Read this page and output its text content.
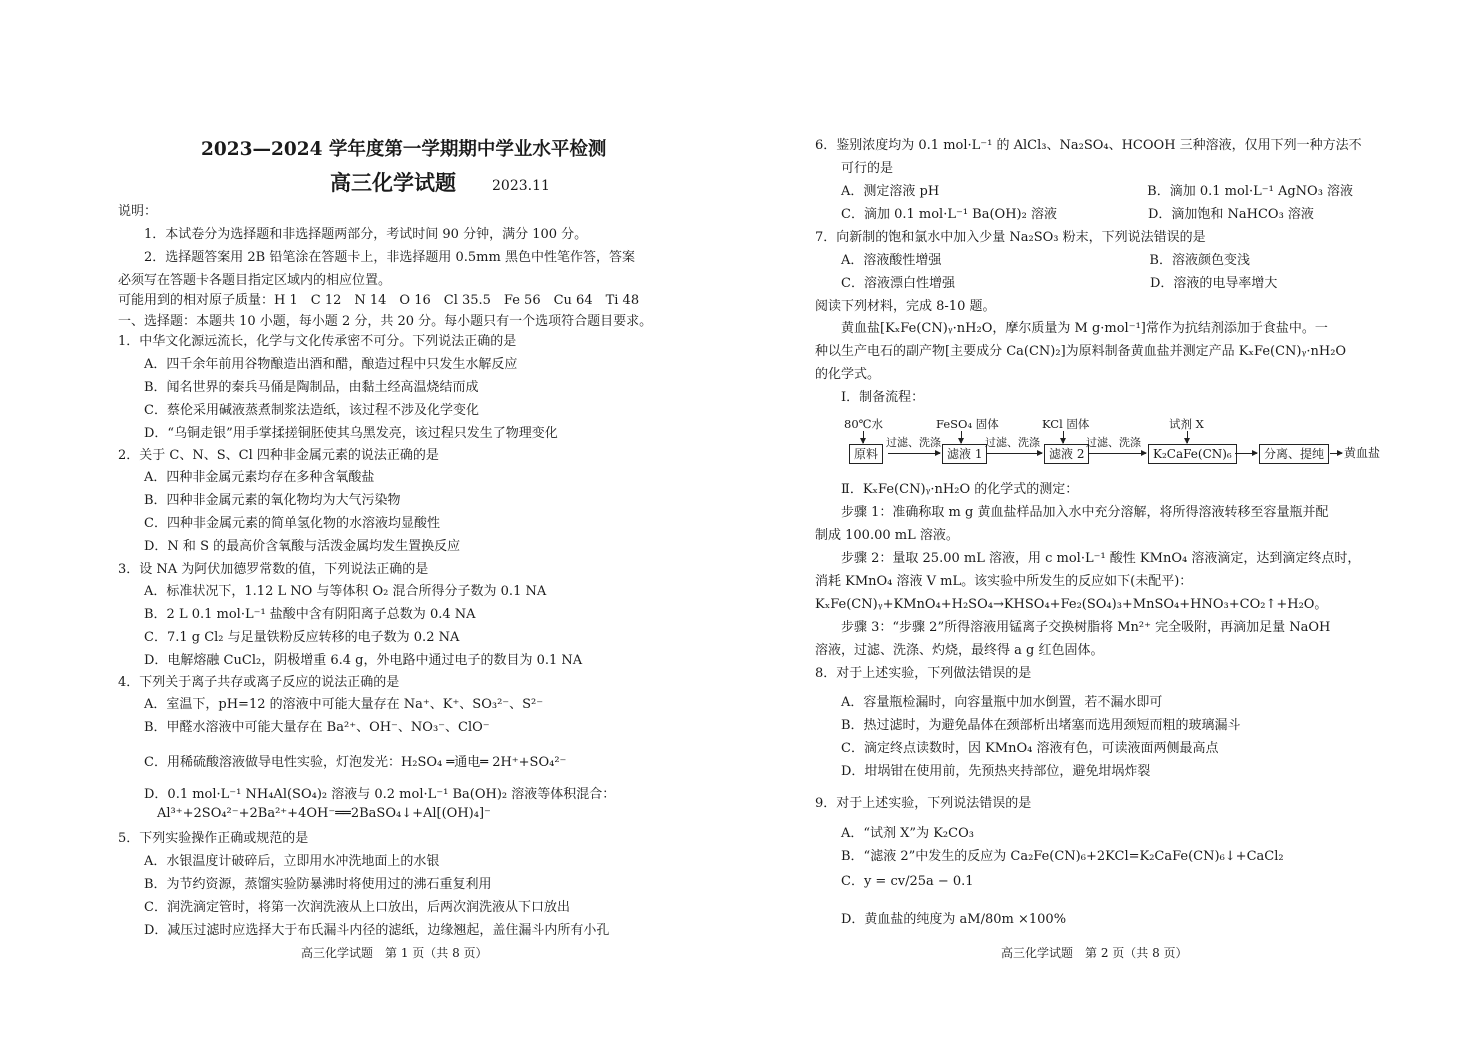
2023—2024 学年度第一学期期中学业水平检测
高三化学试题	2023.11
说明：
　　1．本试卷分为选择题和非选择题两部分，考试时间 90 分钟，满分 100 分。
　　2．选择题答案用 2B 铅笔涂在答题卡上，非选择题用 0.5mm 黑色中性笔作答，答案
必须写在答题卡各题目指定区域内的相应位置。
可能用到的相对原子质量：H 1　C 12　N 14　O 16　Cl 35.5　Fe 56　Cu 64　Ti 48
一、选择题：本题共 10 小题，每小题 2 分，共 20 分。每小题只有一个选项符合题目要求。
1．中华文化源远流长，化学与文化传承密不可分。下列说法正确的是
　　A．四千余年前用谷物酿造出酒和醋，酿造过程中只发生水解反应
　　B．闻名世界的秦兵马俑是陶制品，由黏土经高温烧结而成
　　C．蔡伦采用碱液蒸煮制浆法造纸，该过程不涉及化学变化
　　D．“乌铜走银”用手掌揉搓铜胚使其乌黑发亮，该过程只发生了物理变化
2．关于 C、N、S、Cl 四种非金属元素的说法正确的是
　　A．四种非金属元素均存在多种含氧酸盐
　　B．四种非金属元素的氧化物均为大气污染物
　　C．四种非金属元素的简单氢化物的水溶液均显酸性
　　D．N 和 S 的最高价含氧酸与活泼金属均发生置换反应
3．设 NA 为阿伏加德罗常数的值，下列说法正确的是
　　A．标准状况下，1.12 L NO 与等体积 O₂ 混合所得分子数为 0.1 NA
　　B．2 L 0.1 mol·L⁻¹ 盐酸中含有阴阳离子总数为 0.4 NA
　　C．7.1 g Cl₂ 与足量铁粉反应转移的电子数为 0.2 NA
　　D．电解熔融 CuCl₂，阴极增重 6.4 g，外电路中通过电子的数目为 0.1 NA
4．下列关于离子共存或离子反应的说法正确的是
　　A．室温下，pH=12 的溶液中可能大量存在 Na⁺、K⁺、SO₃²⁻、S²⁻
　　B．甲醛水溶液中可能大量存在 Ba²⁺、OH⁻、NO₃⁻、ClO⁻
　　C．用稀硫酸溶液做导电性实验，灯泡发光：H₂SO₄ ═通电═ 2H⁺+SO₄²⁻
　　D．0.1 mol·L⁻¹ NH₄Al(SO₄)₂ 溶液与 0.2 mol·L⁻¹ Ba(OH)₂ 溶液等体积混合：
　　　Al³⁺+2SO₄²⁻+2Ba²⁺+4OH⁻══2BaSO₄↓+Al[(OH)₄]⁻
5．下列实验操作正确或规范的是
　　A．水银温度计破碎后，立即用水冲洗地面上的水银
　　B．为节约资源，蒸馏实验防暴沸时将使用过的沸石重复利用
　　C．润洗滴定管时，将第一次润洗液从上口放出，后两次润洗液从下口放出
　　D．减压过滤时应选择大于布氏漏斗内径的滤纸，边缘翘起，盖住漏斗内所有小孔
高三化学试题　第 1 页（共 8 页）
6．鉴别浓度均为 0.1 mol·L⁻¹ 的 AlCl₃、Na₂SO₄、HCOOH 三种溶液，仅用下列一种方法不
　　可行的是
　　A．测定溶液 pH　　　　　　　　　　　　　　　　B．滴加 0.1 mol·L⁻¹ AgNO₃ 溶液
　　C．滴加 0.1 mol·L⁻¹ Ba(OH)₂ 溶液　　　　　　　D．滴加饱和 NaHCO₃ 溶液
7．向新制的饱和氯水中加入少量 Na₂SO₃ 粉末，下列说法错误的是
　　A．溶液酸性增强　　　　　　　　　　　　　　　　B．溶液颜色变浅
　　C．溶液漂白性增强　　　　　　　　　　　　　　　D．溶液的电导率增大
阅读下列材料，完成 8-10 题。
　　黄血盐[KₓFe(CN)ᵧ·nH₂O，摩尔质量为 M g·mol⁻¹]常作为抗结剂添加于食盐中。一
种以生产电石的副产物[主要成分 Ca(CN)₂]为原料制备黄血盐并测定产品 KₓFe(CN)ᵧ·nH₂O
的化学式。
　　Ⅰ．制备流程：
80℃水	FeSO₄ 固体	KCl 固体	试剂 X
原料
过滤、洗涤
滤液 1
过滤、洗涤
滤液 2
过滤、洗涤
K₂CaFe(CN)₆	分离、提纯	黄血盐
　　Ⅱ．KₓFe(CN)ᵧ·nH₂O 的化学式的测定：
　　步骤 1：准确称取 m g 黄血盐样品加入水中充分溶解，将所得溶液转移至容量瓶并配
制成 100.00 mL 溶液。
　　步骤 2：量取 25.00 mL 溶液，用 c mol·L⁻¹ 酸性 KMnO₄ 溶液滴定，达到滴定终点时，
消耗 KMnO₄ 溶液 V mL。该实验中所发生的反应如下(未配平)：
KₓFe(CN)ᵧ+KMnO₄+H₂SO₄→KHSO₄+Fe₂(SO₄)₃+MnSO₄+HNO₃+CO₂↑+H₂O。
　　步骤 3：“步骤 2”所得溶液用锰离子交换树脂将 Mn²⁺ 完全吸附，再滴加足量 NaOH
溶液，过滤、洗涤、灼烧，最终得 a g 红色固体。
8．对于上述实验，下列做法错误的是
　　A．容量瓶检漏时，向容量瓶中加水倒置，若不漏水即可
　　B．热过滤时，为避免晶体在颈部析出堵塞而选用颈短而粗的玻璃漏斗
　　C．滴定终点读数时，因 KMnO₄ 溶液有色，可读液面两侧最高点
　　D．坩埚钳在使用前，先预热夹持部位，避免坩埚炸裂
9．对于上述实验，下列说法错误的是
　　A．“试剂 X”为 K₂CO₃
　　B．“滤液 2”中发生的反应为 Ca₂Fe(CN)₆+2KCl=K₂CaFe(CN)₆↓+CaCl₂
　　C．y = cv/25a − 0.1
　　D．黄血盐的纯度为 aM/80m ×100%
高三化学试题　第 2 页（共 8 页）
